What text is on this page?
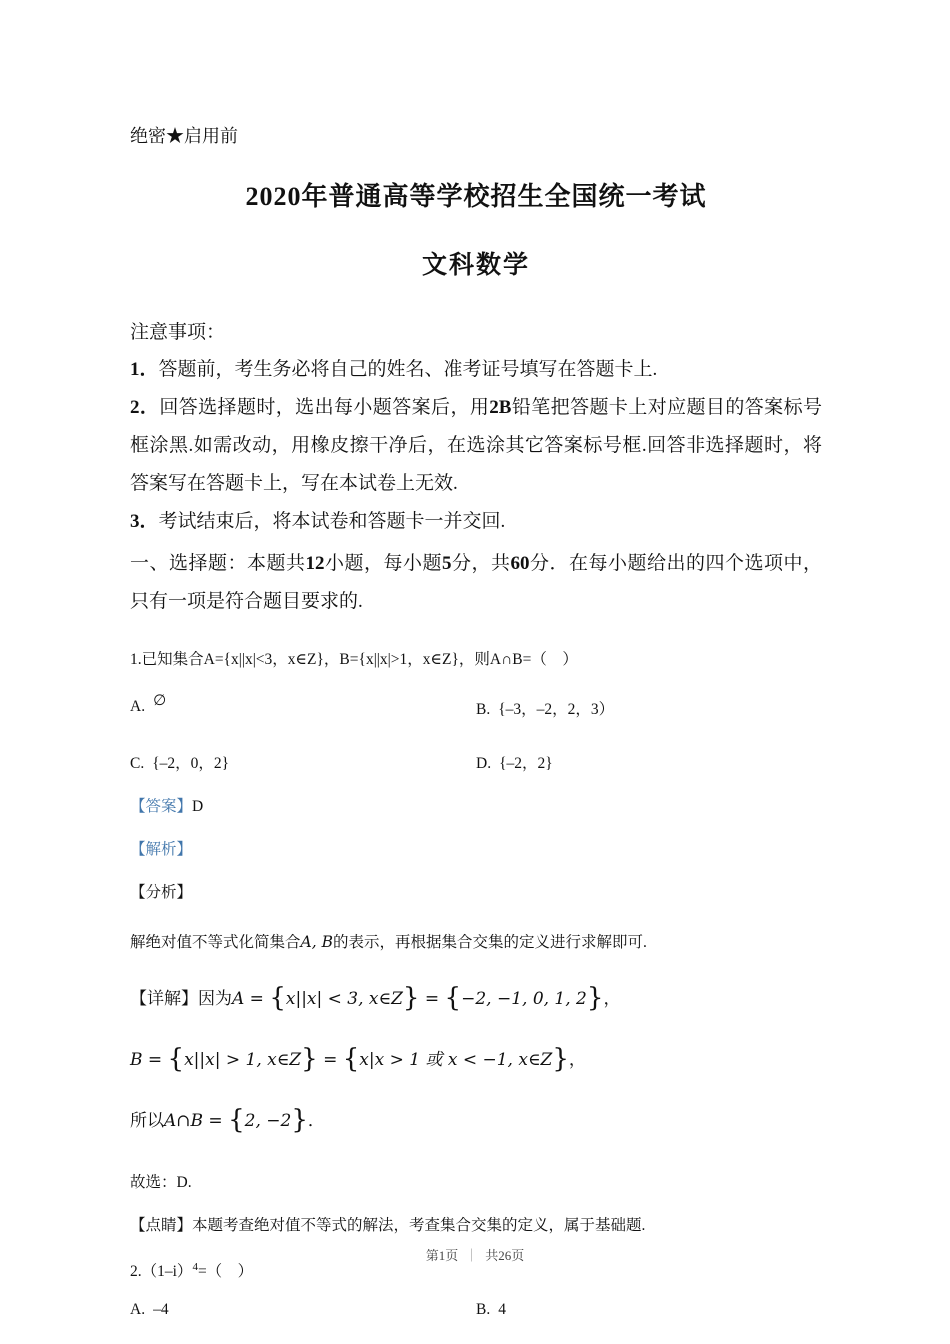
绝密★启用前
2020年普通高等学校招生全国统一考试
文科数学
注意事项：

1．答题前，考生务必将自己的姓名、准考证号填写在答题卡上.

2．回答选择题时，选出每小题答案后，用2B铅笔把答题卡上对应题目的答案标号框涂黑.如需改动，用橡皮擦干净后，在选涂其它答案标号框.回答非选择题时，将答案写在答题卡上，写在本试卷上无效.

3．考试结束后，将本试卷和答题卡一并交回.

一、选择题：本题共12小题，每小题5分，共60分．在每小题给出的四个选项中，只有一项是符合题目要求的.

1.已知集合A={x||x|<3，x∈Z}，B={x||x|>1，x∈Z}，则A∩B=（　）

A. ∅	B. {–3，–2，2，3）
C. {–2，0，2}	D. {–2，2}

【答案】D

【解析】

【分析】

解绝对值不等式化简集合A, B的表示，再根据集合交集的定义进行求解即可.

【详解】因为A = {x||x| < 3, x∈Z} = {−2, −1, 0, 1, 2}，

B = {x||x| > 1, x∈Z} = {x|x > 1 或 x < −1, x∈Z}，

所以A∩B = {2, −2}．

故选：D.

【点睛】本题考查绝对值不等式的解法，考查集合交集的定义，属于基础题.

$2.(1-i)^4=$（　）

A. –4	B. 4
第1页 ｜ 共26页
